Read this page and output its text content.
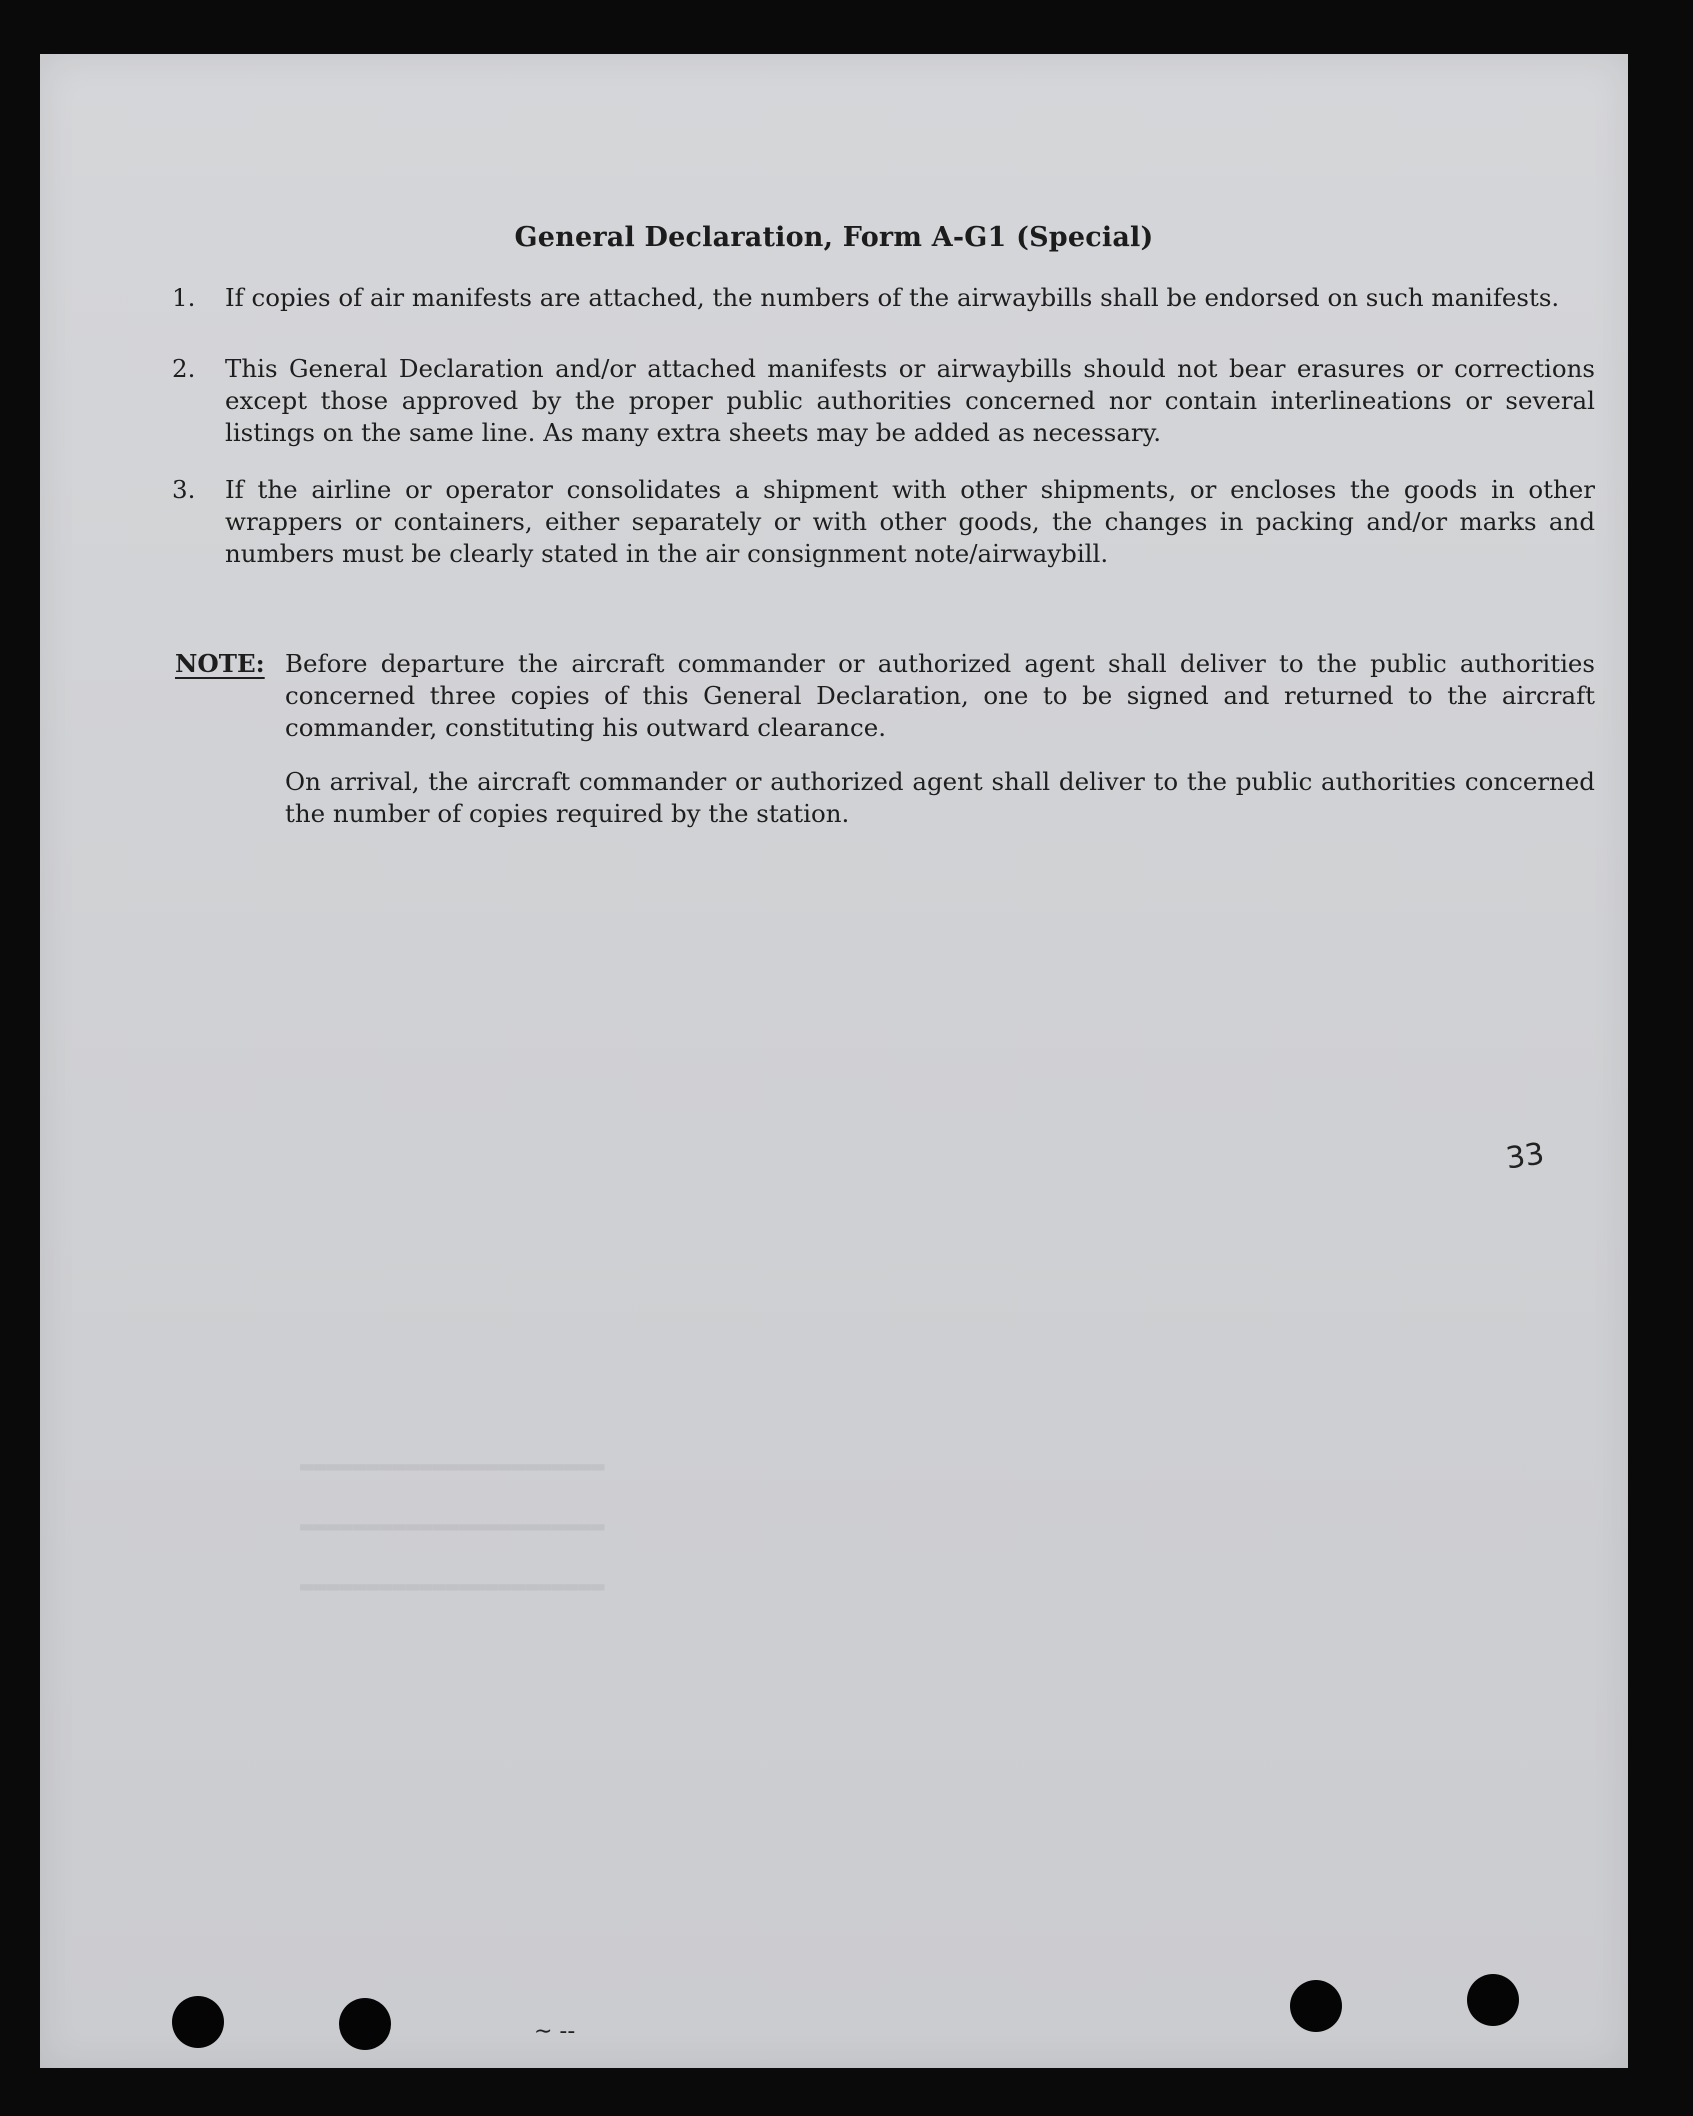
General Declaration, Form A-G1 (Special)
1. If copies of air manifests are attached, the numbers of the airwaybills shall be endorsed on such manifests.
2. This General Declaration and/or attached manifests or airwaybills should not bear erasures or corrections except those approved by the proper public authorities concerned nor contain interlineations or several listings on the same line. As many extra sheets may be added as necessary.
3. If the airline or operator consolidates a shipment with other shipments, or encloses the goods in other wrappers or containers, either separately or with other goods, the changes in packing and/or marks and numbers must be clearly stated in the air consignment note/airwaybill.
NOTE: Before departure the aircraft commander or authorized agent shall deliver to the public authorities concerned three copies of this General Declaration, one to be signed and returned to the aircraft commander, constituting his outward clearance.
On arrival, the aircraft commander or authorized agent shall deliver to the public authorities concerned the number of copies required by the station.
33
▬▬▬▬▬▬▬▬▬▬▬▬▬▬▬▬▬▬▬▬▬▬▬
▬▬▬▬▬▬▬▬▬▬▬▬▬▬▬▬▬▬▬▬▬▬▬
▬▬▬▬▬▬▬▬▬▬▬▬▬▬▬▬▬▬▬▬▬▬▬
∼ ‐‐
